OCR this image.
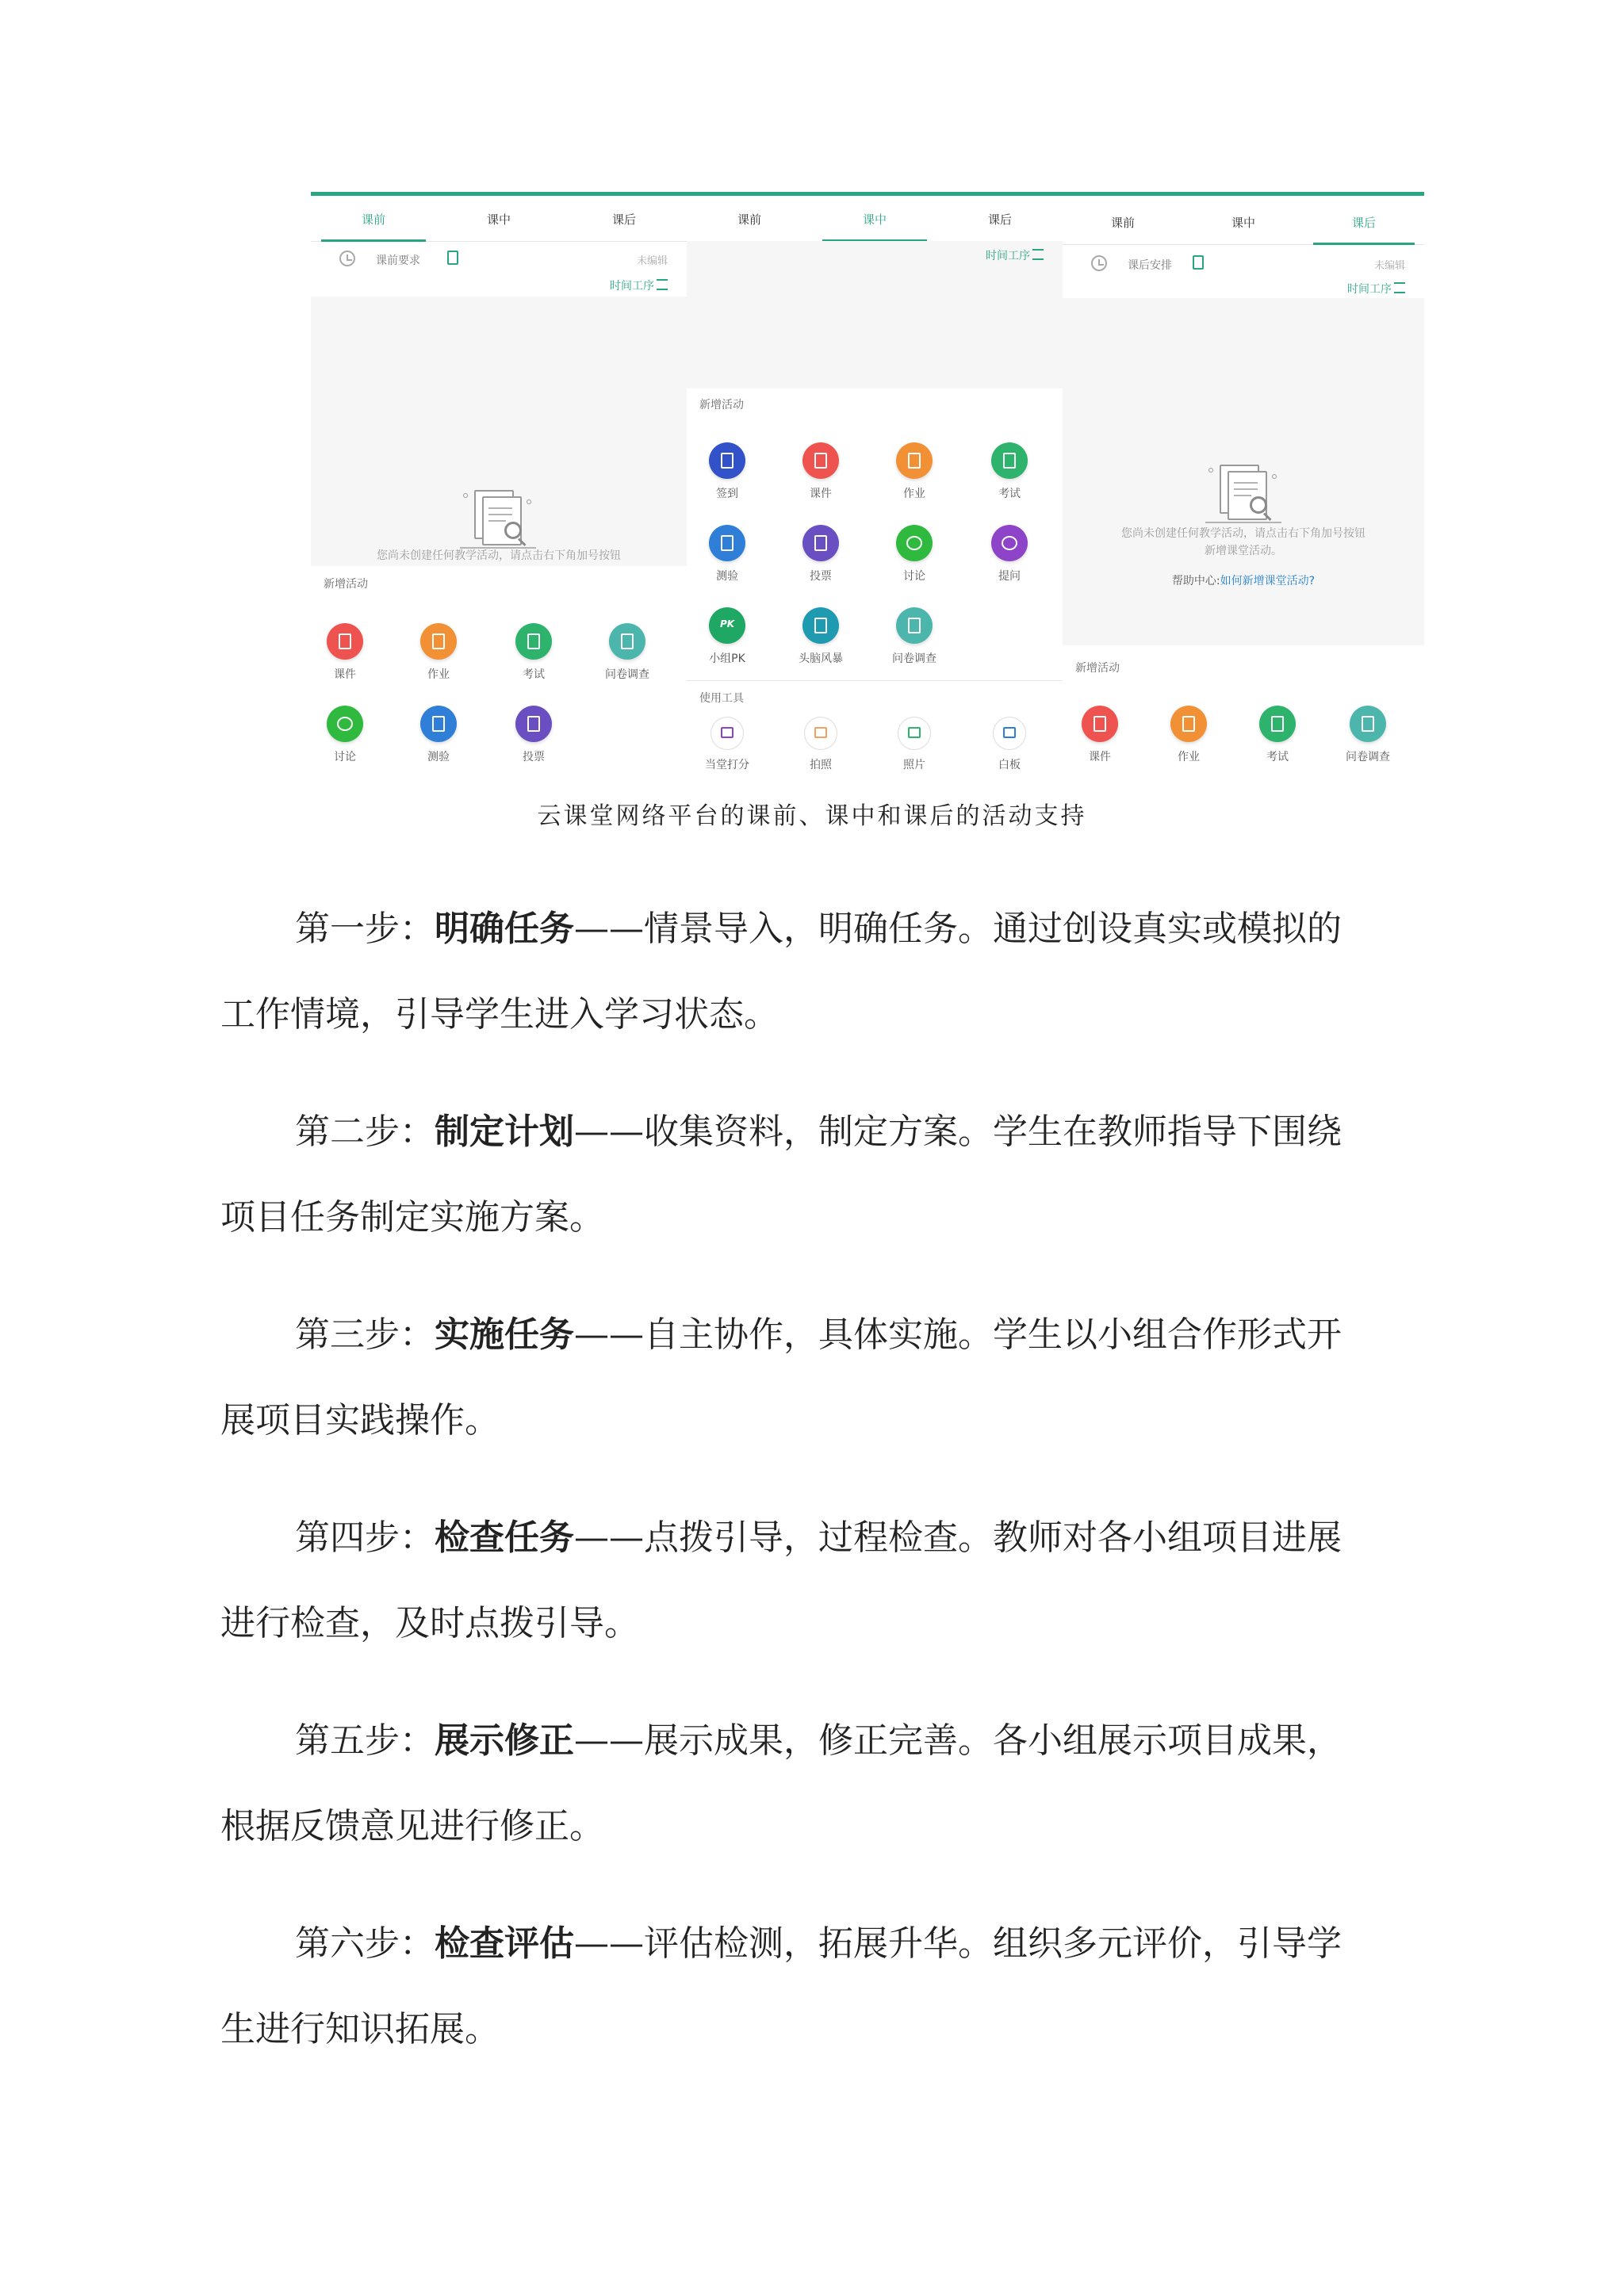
课前	课中	课后
课前要求	未编辑
时间工序
您尚未创建任何教学活动，请点击右下角加号按钮
新增活动
课件	作业	考试	问卷调查
讨论	测验	投票
课前	课中	课后
时间工序
新增活动
签到	课件	作业	考试
测验	投票	讨论	提问
PK
小组PK	头脑风暴	问卷调查
使用工具
当堂打分	拍照	照片	白板
课前	课中	课后
课后安排	未编辑
时间工序
您尚未创建任何教学活动，请点击右下角加号按钮
新增课堂活动。
帮助中心:如何新增课堂活动?
新增活动
课件	作业	考试	问卷调查
云课堂网络平台的课前、课中和课后的活动支持
第一步：明确任务——情景导入，明确任务。通过创设真实或模拟的
工作情境，引导学生进入学习状态。
第二步：制定计划——收集资料，制定方案。学生在教师指导下围绕
项目任务制定实施方案。
第三步：实施任务——自主协作，具体实施。学生以小组合作形式开
展项目实践操作。
第四步：检查任务——点拨引导，过程检查。教师对各小组项目进展
进行检查，及时点拨引导。
第五步：展示修正——展示成果，修正完善。各小组展示项目成果，
根据反馈意见进行修正。
第六步：检查评估——评估检测，拓展升华。组织多元评价，引导学
生进行知识拓展。
